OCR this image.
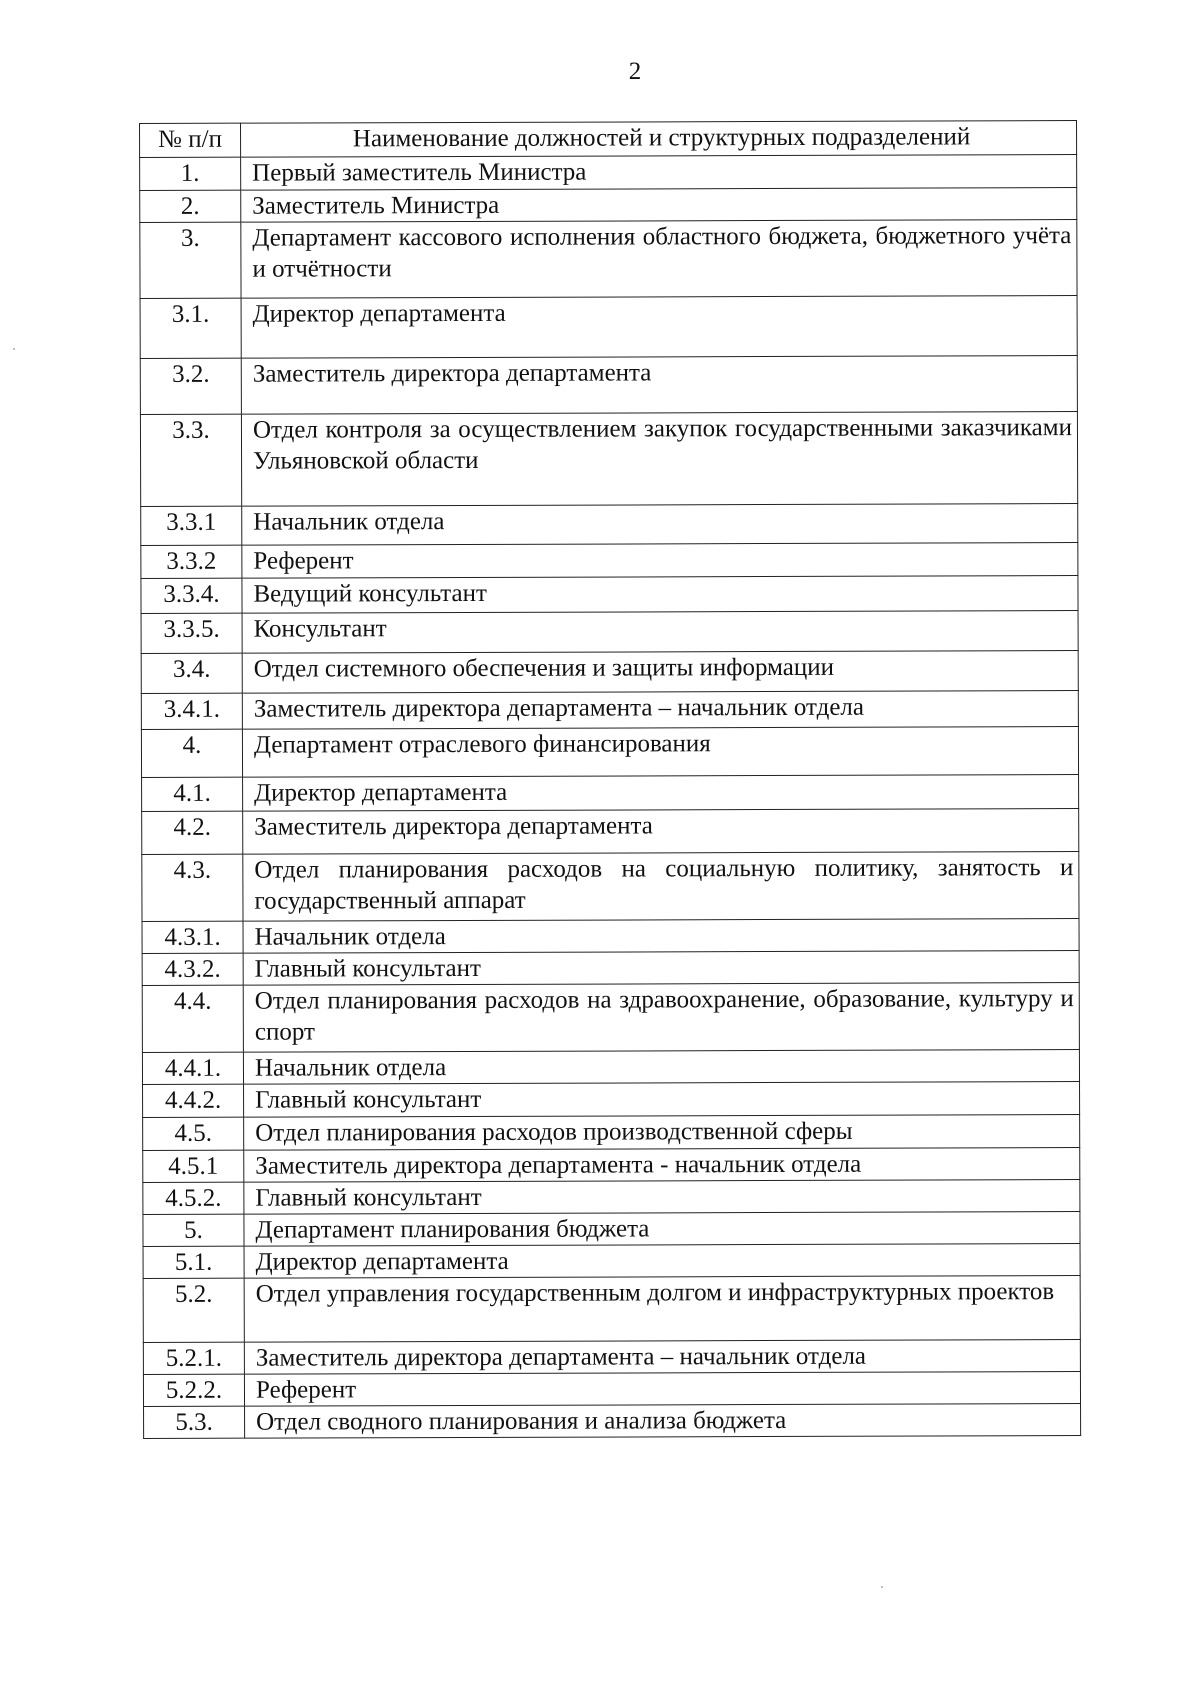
2
№ п/п	Наименование должностей и структурных подразделений
1.	Первый заместитель Министра
2.	Заместитель Министра
3.	Департамент кассового исполнения областного бюджета, бюджетного учёта и отчётности
3.1.	Директор департамента
3.2.	Заместитель директора департамента
3.3.	Отдел контроля за осуществлением закупок государственными заказчиками Ульяновской области
3.3.1	Начальник отдела
3.3.2	Референт
3.3.4.	Ведущий консультант
3.3.5.	Консультант
3.4.	Отдел системного обеспечения и защиты информации
3.4.1.	Заместитель директора департамента – начальник отдела
4.	Департамент отраслевого финансирования
4.1.	Директор департамента
4.2.	Заместитель директора департамента
4.3.	Отдел планирования расходов на социальную политику, занятость и государственный аппарат
4.3.1.	Начальник отдела
4.3.2.	Главный консультант
4.4.	Отдел планирования расходов на здравоохранение, образование, культуру и спорт
4.4.1.	Начальник отдела
4.4.2.	Главный консультант
4.5.	Отдел планирования расходов производственной сферы
4.5.1	Заместитель директора департамента - начальник отдела
4.5.2.	Главный консультант
5.	Департамент планирования бюджета
5.1.	Директор департамента
5.2.	Отдел управления государственным долгом и инфраструктурных проектов
5.2.1.	Заместитель директора департамента – начальник отдела
5.2.2.	Референт
5.3.	Отдел сводного планирования и анализа бюджета
